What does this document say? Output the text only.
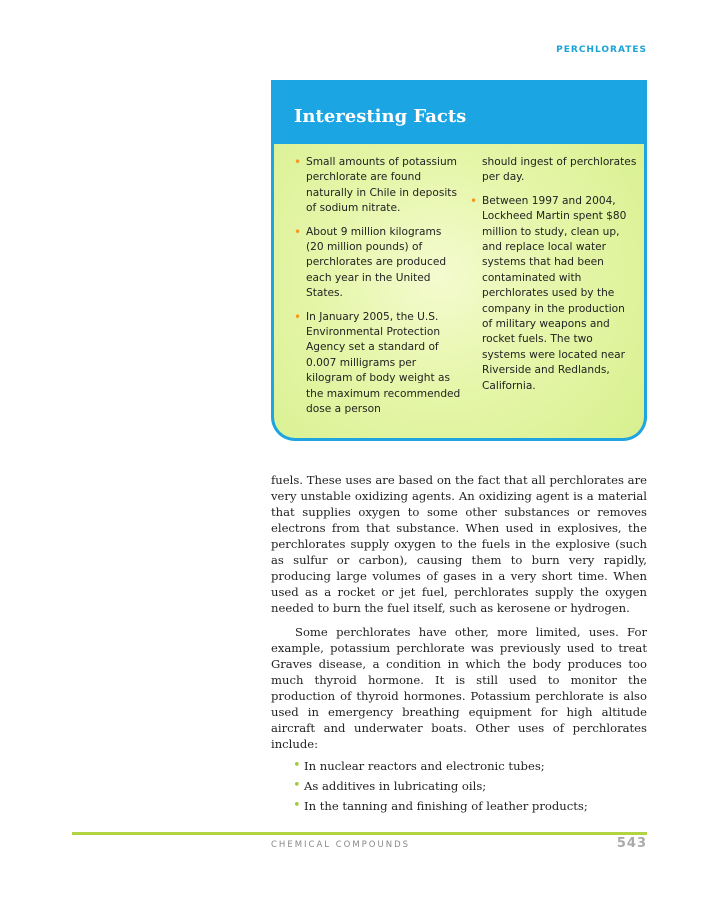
PERCHLORATES
Interesting Facts
• Small amounts of potassium perchlorate are found naturally in Chile in deposits of sodium nitrate.
• About 9 million kilograms (20 million pounds) of perchlorates are produced each year in the United States.
• In January 2005, the U.S. Environmental Protection Agency set a standard of 0.007 milligrams per kilogram of body weight as the maximum recommended dose a person
should ingest of perchlorates per day.
• Between 1997 and 2004, Lockheed Martin spent $80 million to study, clean up, and replace local water systems that had been contaminated with perchlorates used by the company in the production of military weapons and rocket fuels. The two systems were located near Riverside and Redlands, California.

fuels. These uses are based on the fact that all perchlorates are very unstable oxidizing agents. An oxidizing agent is a material that supplies oxygen to some other substances or removes electrons from that substance. When used in explosives, the perchlorates supply oxygen to the fuels in the explosive (such as sulfur or carbon), causing them to burn very rapidly, producing large volumes of gases in a very short time. When used as a rocket or jet fuel, perchlorates supply the oxygen needed to burn the fuel itself, such as kerosene or hydrogen.

Some perchlorates have other, more limited, uses. For example, potassium perchlorate was previously used to treat Graves disease, a condition in which the body produces too much thyroid hormone. It is still used to monitor the production of thyroid hormones. Potassium perchlorate is also used in emergency breathing equipment for high altitude aircraft and underwater boats. Other uses of perchlorates include:

• In nuclear reactors and electronic tubes;
• As additives in lubricating oils;
• In the tanning and finishing of leather products;
CHEMICAL COMPOUNDS	543
